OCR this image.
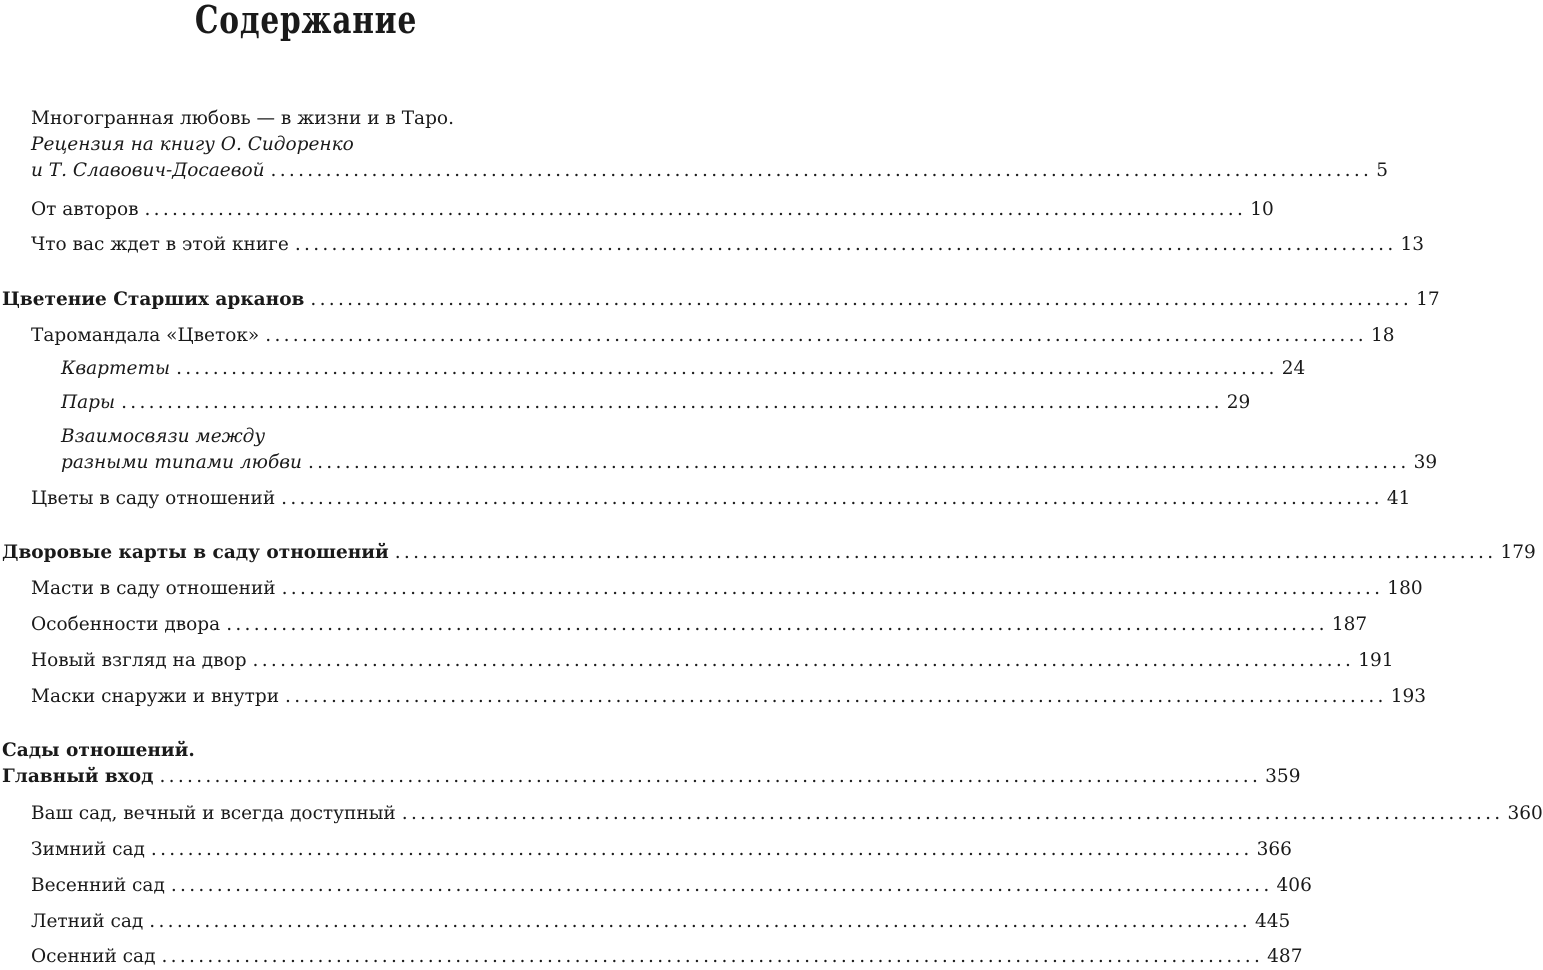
Содержание
Многогранная любовь — в жизни и в Таро.
Рецензия на книгу О. Сидоренко
и Т. Славович-Досаевой ........................................................................................................................ 5
От авторов ........................................................................................................................ 10
Что вас ждет в этой книге ........................................................................................................................ 13
Цветение Старших арканов ........................................................................................................................ 17
Таромандала «Цветок» ........................................................................................................................ 18
Квартеты ........................................................................................................................ 24
Пары ........................................................................................................................ 29
Взаимосвязи между
разными типами любви ........................................................................................................................ 39
Цветы в саду отношений ........................................................................................................................ 41
Дворовые карты в саду отношений ........................................................................................................................ 179
Масти в саду отношений ........................................................................................................................ 180
Особенности двора ........................................................................................................................ 187
Новый взгляд на двор ........................................................................................................................ 191
Маски снаружи и внутри ........................................................................................................................ 193
Сады отношений.
Главный вход ........................................................................................................................ 359
Ваш сад, вечный и всегда доступный ........................................................................................................................ 360
Зимний сад ........................................................................................................................ 366
Весенний сад ........................................................................................................................ 406
Летний сад ........................................................................................................................ 445
Осенний сад ........................................................................................................................ 487
